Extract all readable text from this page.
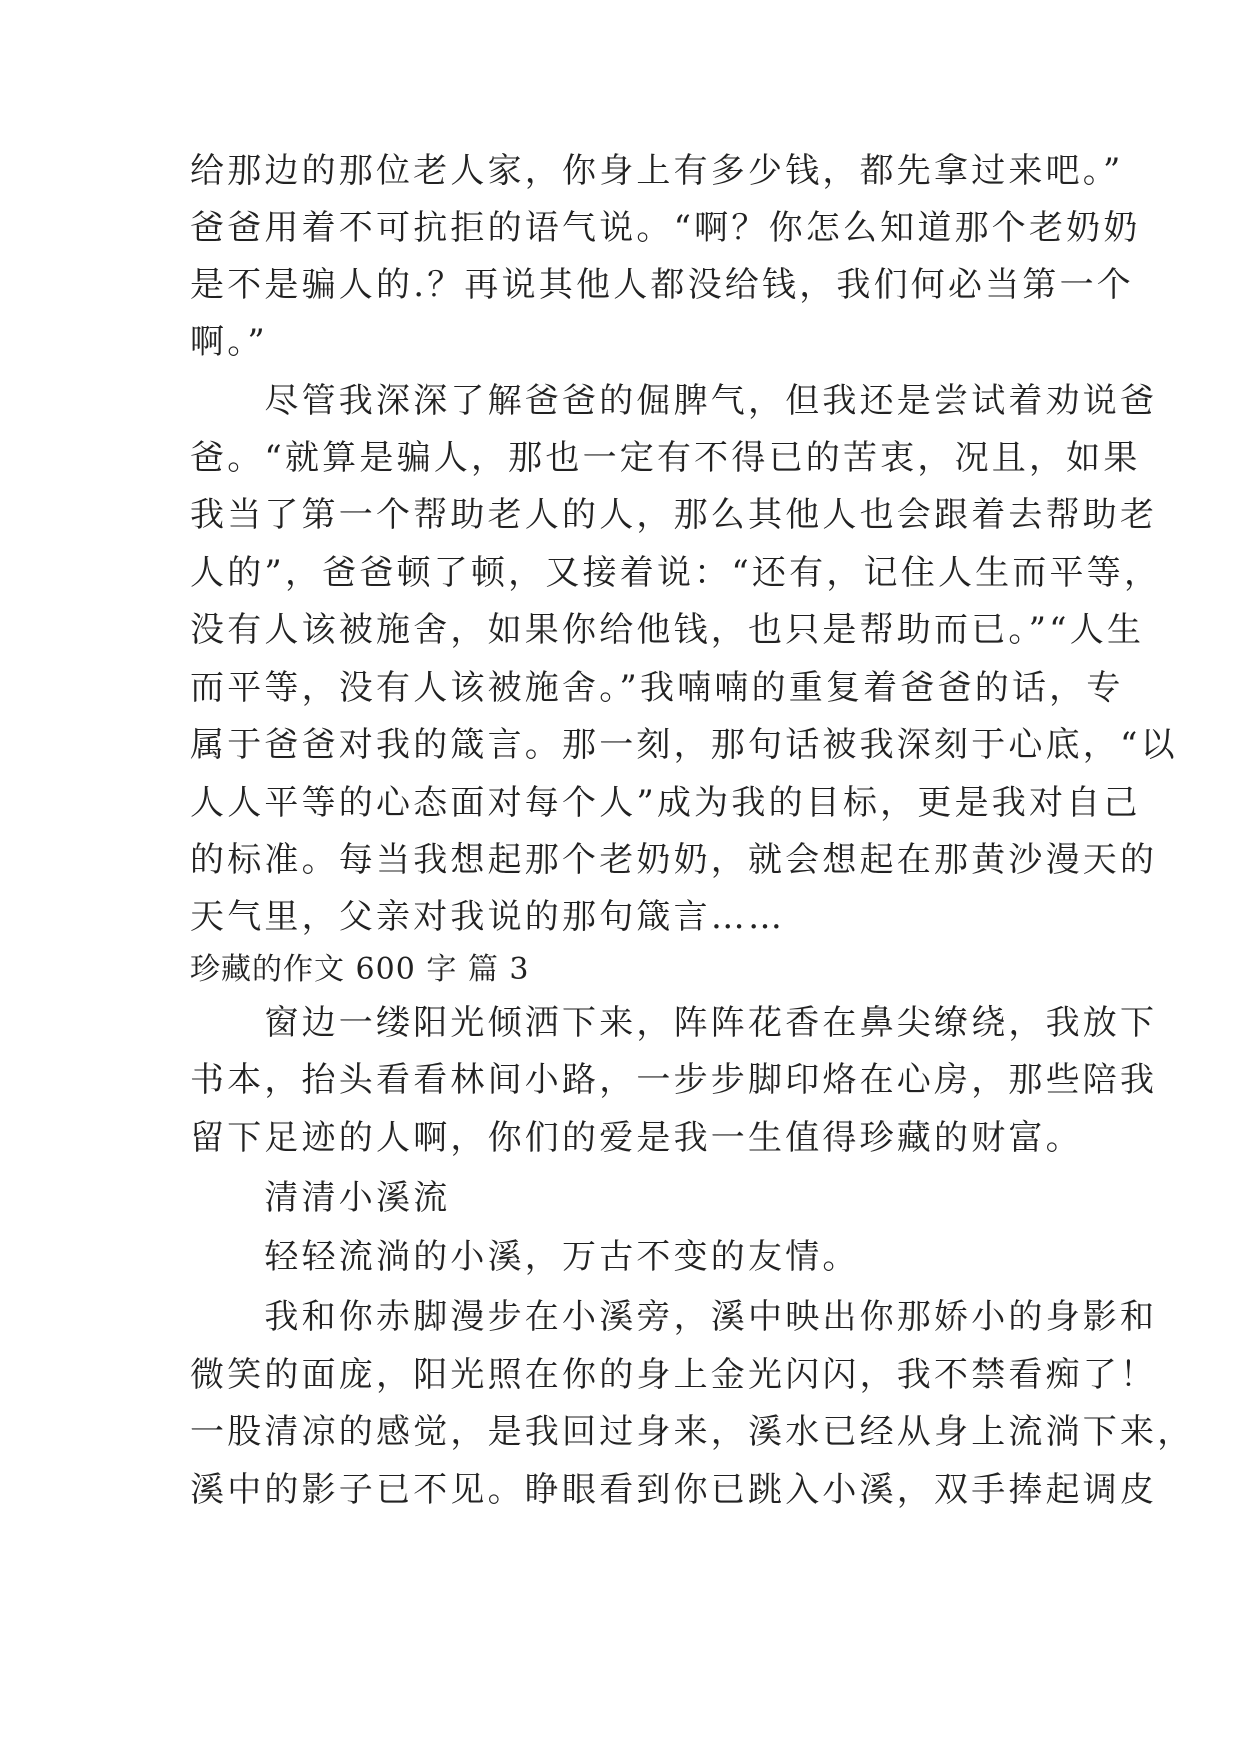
给那边的那位老人家，你身上有多少钱，都先拿过来吧。”
爸爸用着不可抗拒的语气说。“啊？你怎么知道那个老奶奶
是不是骗人的.？再说其他人都没给钱，我们何必当第一个
啊。”
　　尽管我深深了解爸爸的倔脾气，但我还是尝试着劝说爸
爸。“就算是骗人，那也一定有不得已的苦衷，况且，如果
我当了第一个帮助老人的人，那么其他人也会跟着去帮助老
人的”，爸爸顿了顿，又接着说：“还有，记住人生而平等，
没有人该被施舍，如果你给他钱，也只是帮助而已。”“人生
而平等，没有人该被施舍。”我喃喃的重复着爸爸的话，专
属于爸爸对我的箴言。那一刻，那句话被我深刻于心底，“以
人人平等的心态面对每个人”成为我的目标，更是我对自己
的标准。每当我想起那个老奶奶，就会想起在那黄沙漫天的
天气里，父亲对我说的那句箴言……
珍藏的作文 600 字 篇 3
　　窗边一缕阳光倾洒下来，阵阵花香在鼻尖缭绕，我放下
书本，抬头看看林间小路，一步步脚印烙在心房，那些陪我
留下足迹的人啊，你们的爱是我一生值得珍藏的财富。
　　清清小溪流
　　轻轻流淌的小溪，万古不变的友情。
　　我和你赤脚漫步在小溪旁，溪中映出你那娇小的身影和
微笑的面庞，阳光照在你的身上金光闪闪，我不禁看痴了！
一股清凉的感觉，是我回过身来，溪水已经从身上流淌下来，
溪中的影子已不见。睁眼看到你已跳入小溪，双手捧起调皮
